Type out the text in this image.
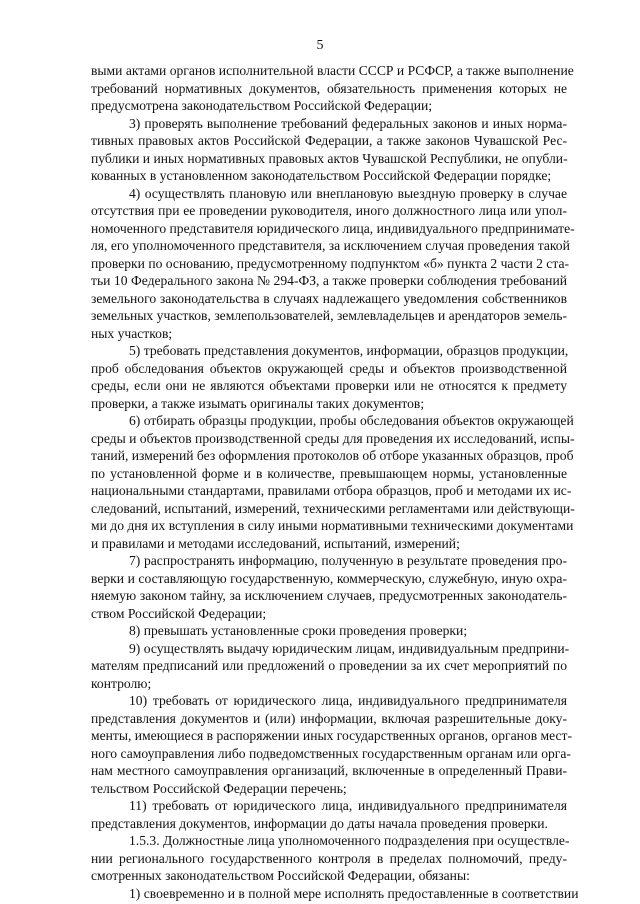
5
выми актами органов исполнительной власти СССР и РСФСР, а также выполнение
требований нормативных документов, обязательность применения которых не
предусмотрена законодательством Российской Федерации;
3) проверять выполнение требований федеральных законов и иных норма-
тивных правовых актов Российской Федерации, а также законов Чувашской Рес-
публики и иных нормативных правовых актов Чувашской Республики, не опубли-
кованных в установленном законодательством Российской Федерации порядке;
4) осуществлять плановую или внеплановую выездную проверку в случае
отсутствия при ее проведении руководителя, иного должностного лица или упол-
номоченного представителя юридического лица, индивидуального предпринимате-
ля, его уполномоченного представителя, за исключением случая проведения такой
проверки по основанию, предусмотренному подпунктом «б» пункта 2 части 2 ста-
тьи 10 Федерального закона № 294-ФЗ, а также проверки соблюдения требований
земельного законодательства в случаях надлежащего уведомления собственников
земельных участков, землепользователей, землевладельцев и арендаторов земель-
ных участков;
5) требовать представления документов, информации, образцов продукции,
проб обследования объектов окружающей среды и объектов производственной
среды, если они не являются объектами проверки или не относятся к предмету
проверки, а также изымать оригиналы таких документов;
6) отбирать образцы продукции, пробы обследования объектов окружающей
среды и объектов производственной среды для проведения их исследований, испы-
таний, измерений без оформления протоколов об отборе указанных образцов, проб
по установленной форме и в количестве, превышающем нормы, установленные
национальными стандартами, правилами отбора образцов, проб и методами их ис-
следований, испытаний, измерений, техническими регламентами или действующи-
ми до дня их вступления в силу иными нормативными техническими документами
и правилами и методами исследований, испытаний, измерений;
7) распространять информацию, полученную в результате проведения про-
верки и составляющую государственную, коммерческую, служебную, иную охра-
няемую законом тайну, за исключением случаев, предусмотренных законодатель-
ством Российской Федерации;
8) превышать установленные сроки проведения проверки;
9) осуществлять выдачу юридическим лицам, индивидуальным предприни-
мателям предписаний или предложений о проведении за их счет мероприятий по
контролю;
10) требовать от юридического лица, индивидуального предпринимателя
представления документов и (или) информации, включая разрешительные доку-
менты, имеющиеся в распоряжении иных государственных органов, органов мест-
ного самоуправления либо подведомственных государственным органам или орга-
нам местного самоуправления организаций, включенные в определенный Прави-
тельством Российской Федерации перечень;
11) требовать от юридического лица, индивидуального предпринимателя
представления документов, информации до даты начала проведения проверки.
1.5.3. Должностные лица уполномоченного подразделения при осуществле-
нии регионального государственного контроля в пределах полномочий, преду-
смотренных законодательством Российской Федерации, обязаны:
1) своевременно и в полной мере исполнять предоставленные в соответствии
